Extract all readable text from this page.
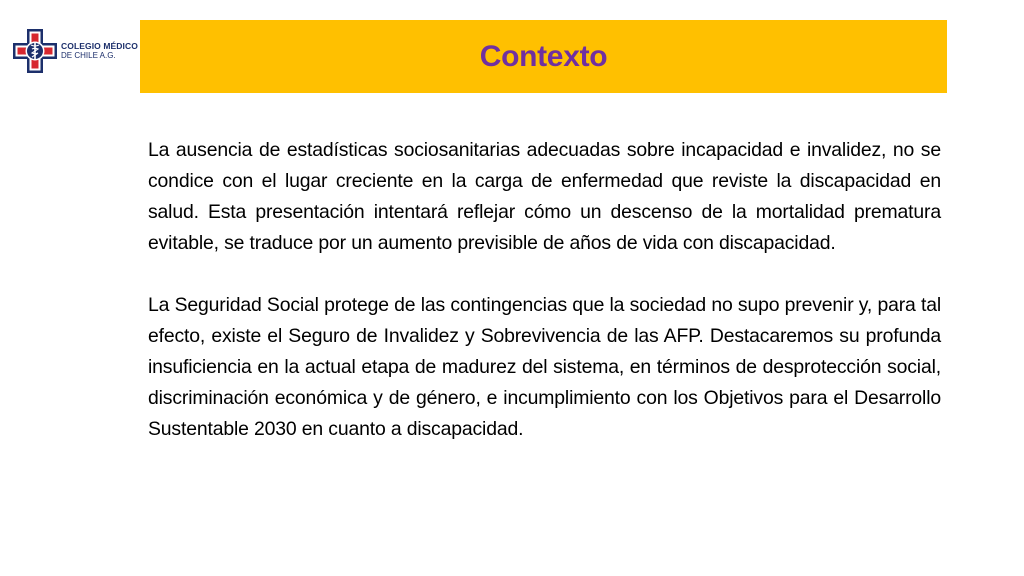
COLEGIO MÉDICO
DE CHILE A.G.	Contexto

La ausencia de estadísticas sociosanitarias adecuadas sobre incapacidad e invalidez, no se condice con el lugar creciente en la carga de enfermedad que reviste la discapacidad en salud. Esta presentación intentará reflejar cómo un descenso de la mortalidad prematura evitable, se traduce por un aumento previsible de años de vida con discapacidad.

La Seguridad Social protege de las contingencias que la sociedad no supo prevenir y, para tal efecto, existe el Seguro de Invalidez y Sobrevivencia de las AFP. Destacaremos su profunda insuficiencia en la actual etapa de madurez del sistema, en términos de desprotección social, discriminación económica y de género, e incumplimiento con los Objetivos para el Desarrollo Sustentable 2030 en cuanto a discapacidad.
